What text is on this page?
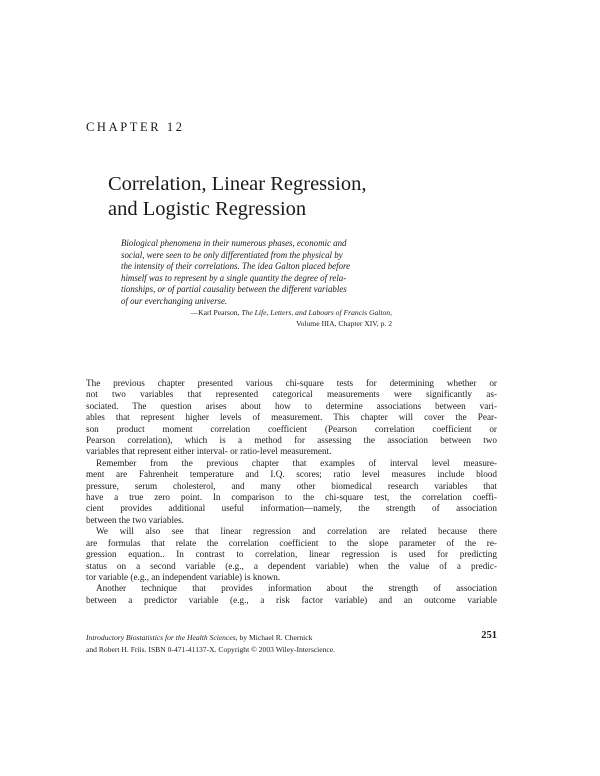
CHAPTER 12
Correlation, Linear Regression,
and Logistic Regression
Biological phenomena in their numerous phases, economic and
social, were seen to be only differentiated from the physical by
the intensity of their correlations. The idea Galton placed before
himself was to represent by a single quantity the degree of rela-
tionships, or of partial causality between the different variables
of our everchanging universe.
—Karl Pearson, The Life, Letters, and Labours of Francis Galton,
Volume IIIA, Chapter XIV, p. 2
The previous chapter presented various chi-square tests for determining whether or
not two variables that represented categorical measurements were significantly as-
sociated. The question arises about how to determine associations between vari-
ables that represent higher levels of measurement. This chapter will cover the Pear-
son product moment correlation coefficient (Pearson correlation coefficient or
Pearson correlation), which is a method for assessing the association between two
variables that represent either interval- or ratio-level measurement.
Remember from the previous chapter that examples of interval level measure-
ment are Fahrenheit temperature and I.Q. scores; ratio level measures include blood
pressure, serum cholesterol, and many other biomedical research variables that
have a true zero point. In comparison to the chi-square test, the correlation coeffi-
cient provides additional useful information—namely, the strength of association
between the two variables.
We will also see that linear regression and correlation are related because there
are formulas that relate the correlation coefficient to the slope parameter of the re-
gression equation.. In contrast to correlation, linear regression is used for predicting
status on a second variable (e.g., a dependent variable) when the value of a predic-
tor variable (e.g., an independent variable) is known.
Another technique that provides information about the strength of association
between a predictor variable (e.g., a risk factor variable) and an outcome variable
Introductory Biostatistics for the Health Sciences, by Michael R. Chernick
and Robert H. Friis. ISBN 0-471-41137-X. Copyright © 2003 Wiley-Interscience.
251
